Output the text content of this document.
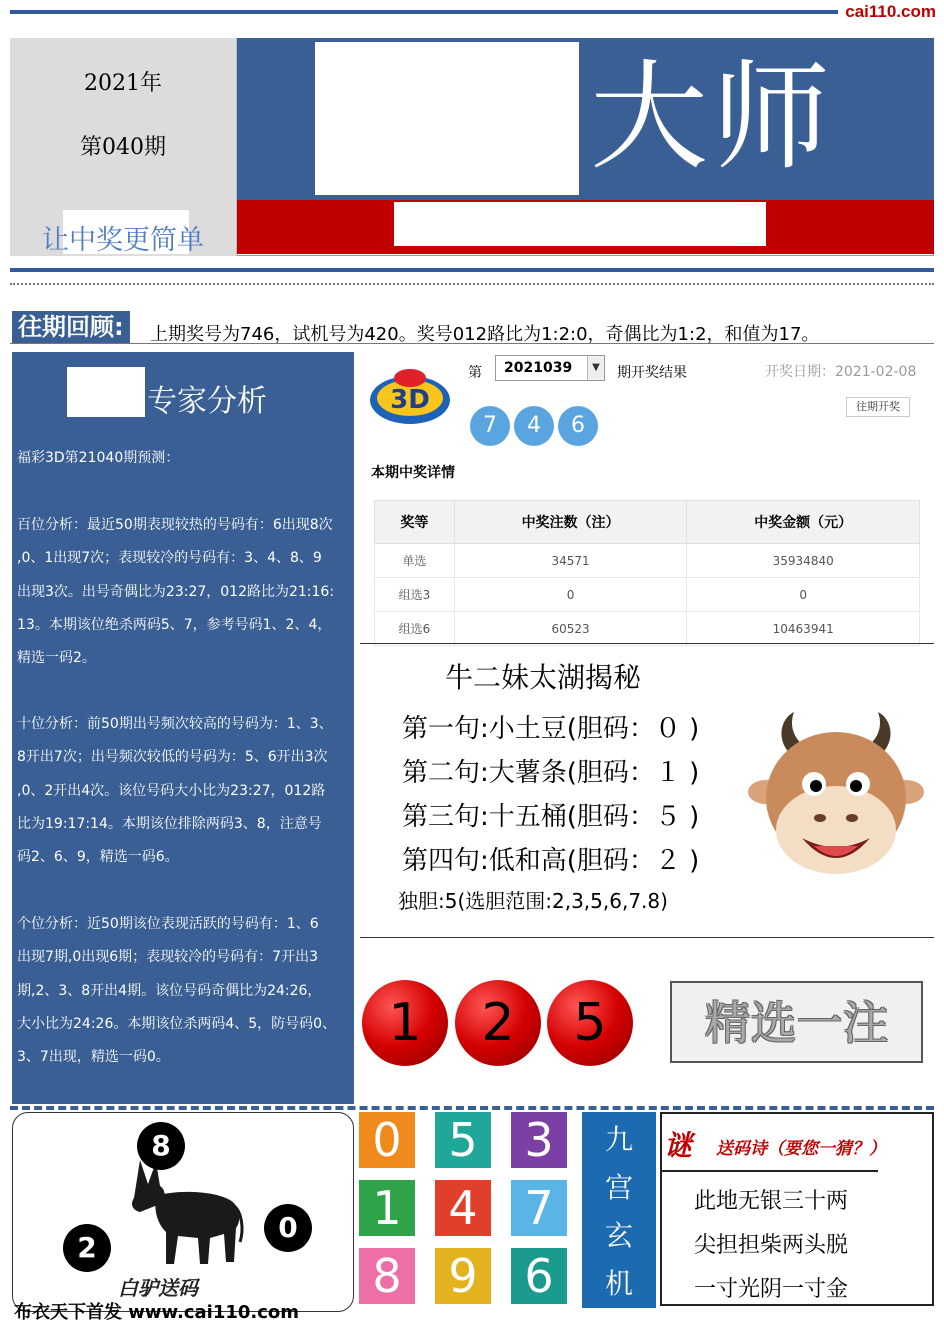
cai110.com
2021年
第040期
让中奖更简单
大师
往期回顾:	上期奖号为746，试机号为420。奖号012路比为1:2:0，奇偶比为1:2，和值为17。
专家分析
福彩3D第21040期预测：
百位分析：最近50期表现较热的号码有：6出现8次
,0、1出现7次；表现较冷的号码有：3、4、8、9
出现3次。出号奇偶比为23:27，012路比为21:16:
13。本期该位绝杀两码5、7，参考号码1、2、4，
精选一码2。
十位分析：前50期出号频次较高的号码为：1、3、
8开出7次；出号频次较低的号码为：5、6开出3次
,0、2开出4次。该位号码大小比为23:27，012路
比为19:17:14。本期该位排除两码3、8，注意号
码2、6、9，精选一码6。
个位分析：近50期该位表现活跃的号码有：1、6
出现7期,0出现6期；表现较冷的号码有：7开出3
期,2、3、8开出4期。该位号码奇偶比为24:26，
大小比为24:26。本期该位杀两码4、5，防号码0、
3、7出现，精选一码0。
3D
第	2021039	▼ 期开奖结果	开奖日期：2021-02-08
往期开奖
7	4	6
本期中奖详情
奖等	中奖注数（注）	中奖金额（元）
单选	34571	35934840
组选3	0	0
组选6	60523	10463941
牛二妹太湖揭秘
第一句:小土豆(胆码：０ )
第二句:大薯条(胆码：１ )
第三句:十五桶(胆码：５ )
第四句:低和高(胆码：２ )
独胆:5(选胆范围:2,3,5,6,7.8)
1	2	5	精选一注
8
2
0
白驴送码
布衣天下首发 www.cai110.com
0 5 3
1 4 7
8 9 6
九
宫
玄
机
谜 送码诗（要您一猜？）
此地无银三十两
尖担担柴两头脱
一寸光阴一寸金
